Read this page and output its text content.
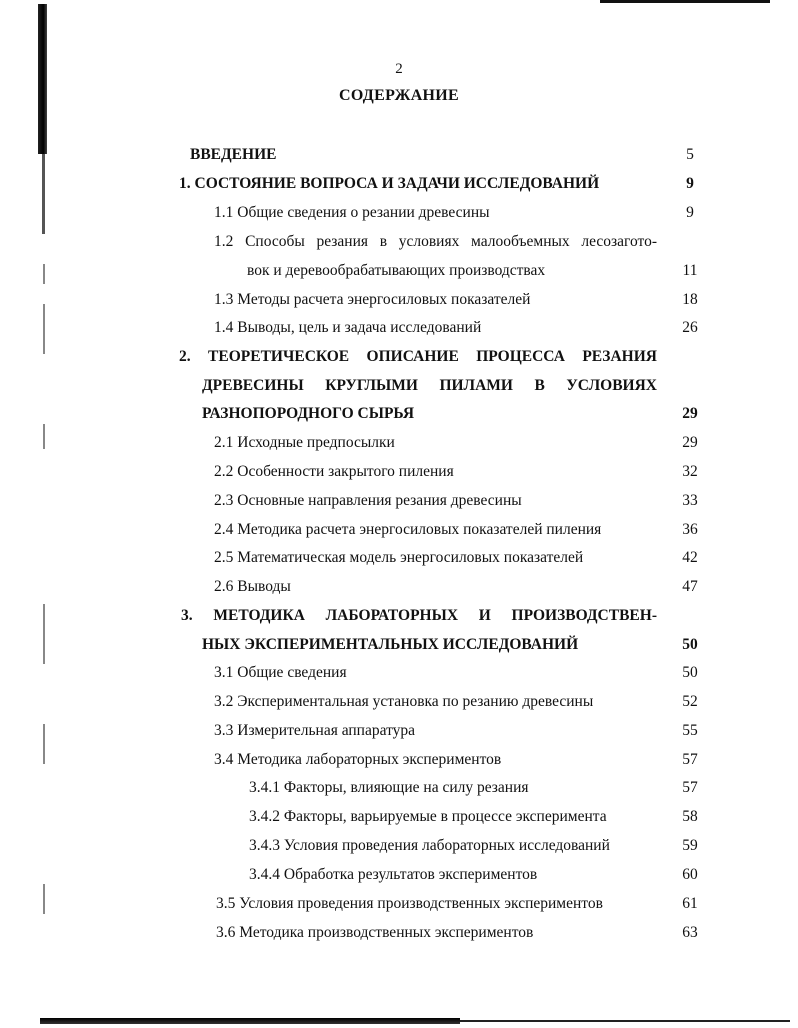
2
СОДЕРЖАНИЕ
ВВЕДЕНИЕ	5
1. СОСТОЯНИЕ ВОПРОСА И ЗАДАЧИ ИССЛЕДОВАНИЙ	9
1.1 Общие сведения о резании древесины	9
1.2 Способы резания в условиях малообъемных лесозагото-
вок и деревообрабатывающих производствах	11
1.3 Методы расчета энергосиловых показателей	18
1.4 Выводы, цель и задача исследований	26
2. ТЕОРЕТИЧЕСКОЕ ОПИСАНИЕ ПРОЦЕССА РЕЗАНИЯ
ДРЕВЕСИНЫ КРУГЛЫМИ ПИЛАМИ В УСЛОВИЯХ
РАЗНОПОРОДНОГО СЫРЬЯ	29
2.1 Исходные предпосылки	29
2.2 Особенности закрытого пиления	32
2.3 Основные направления резания древесины	33
2.4 Методика расчета энергосиловых показателей пиления	36
2.5 Математическая модель энергосиловых показателей	42
2.6 Выводы	47
3. МЕТОДИКА ЛАБОРАТОРНЫХ И ПРОИЗВОДСТВЕН-
НЫХ ЭКСПЕРИМЕНТАЛЬНЫХ ИССЛЕДОВАНИЙ	50
3.1 Общие сведения	50
3.2 Экспериментальная установка по резанию древесины	52
3.3 Измерительная аппаратура	55
3.4 Методика лабораторных экспериментов	57
3.4.1 Факторы, влияющие на силу резания	57
3.4.2 Факторы, варьируемые в процессе эксперимента	58
3.4.3 Условия проведения лабораторных исследований	59
3.4.4 Обработка результатов экспериментов	60
3.5 Условия проведения производственных экспериментов	61
3.6 Методика производственных экспериментов	63
